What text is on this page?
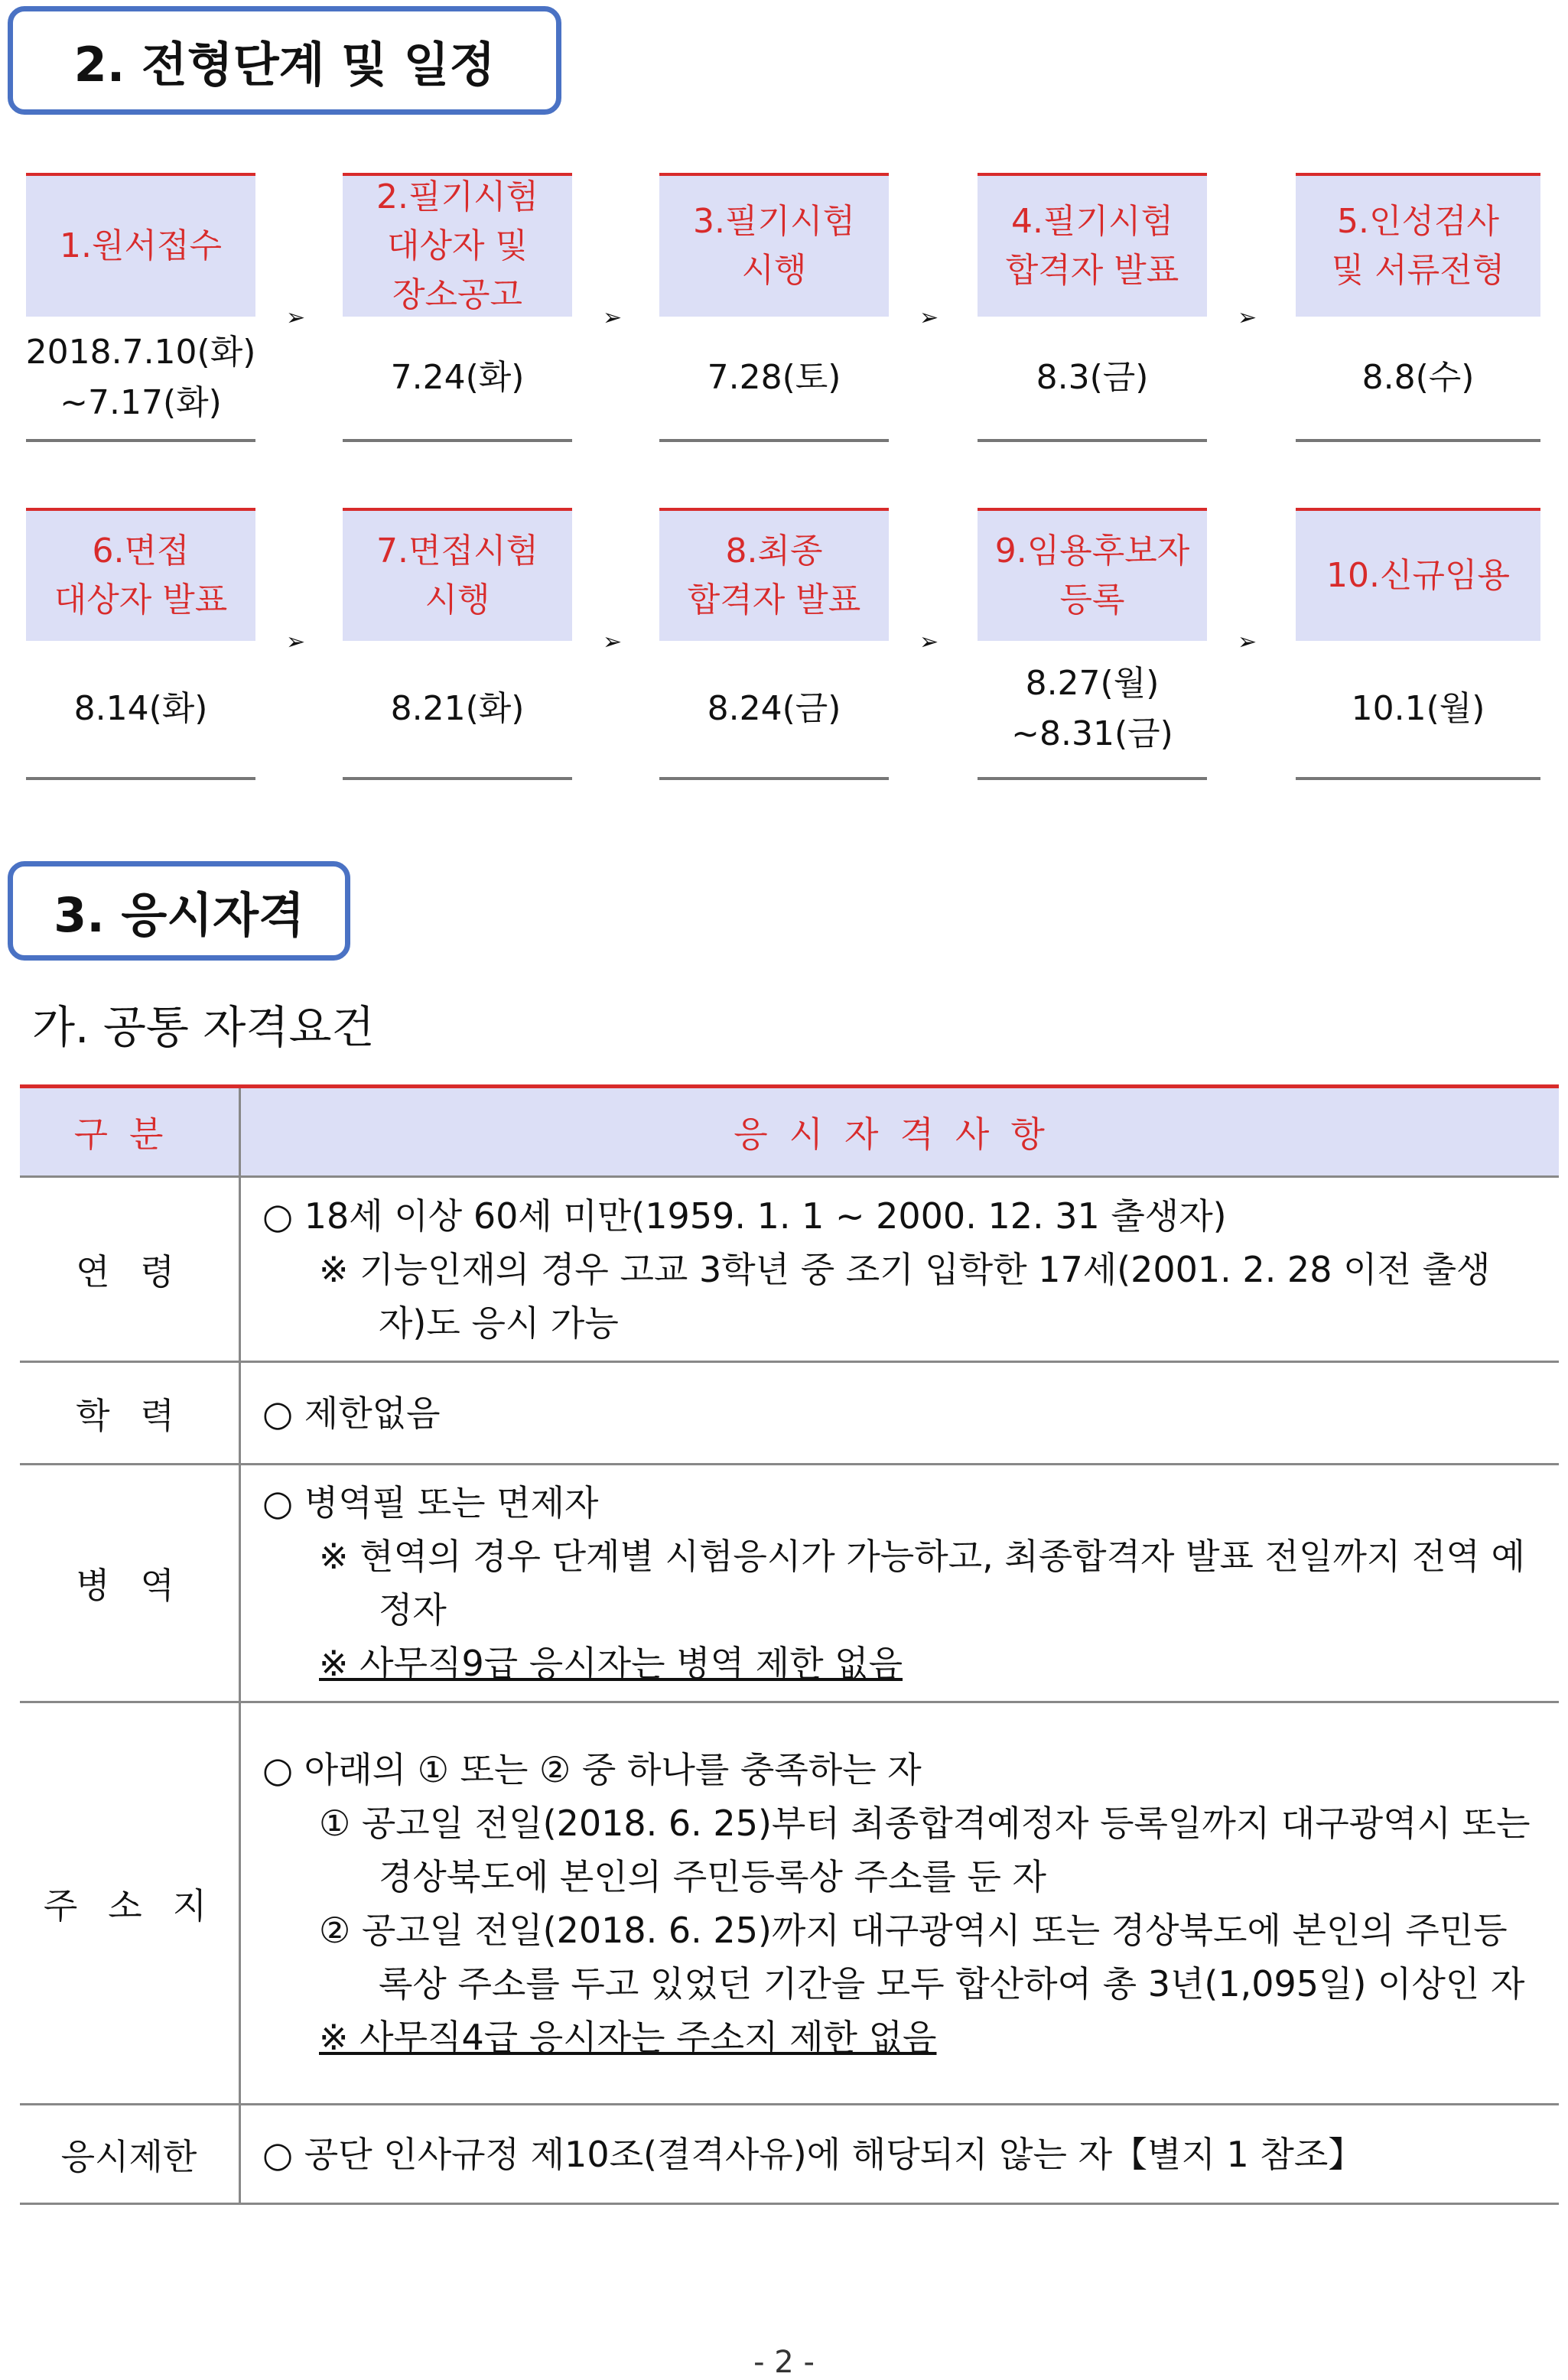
2. 전형단계 및 일정
1.원서접수
2018.7.10(화)
~7.17(화)
➢
2.필기시험
대상자 및
장소공고
7.24(화)
➢
3.필기시험
시행
7.28(토)
➢
4.필기시험
합격자 발표
8.3(금)
➢
5.인성검사
및 서류전형
8.8(수)
6.면접
대상자 발표
8.14(화)
➢
7.면접시험
시행
8.21(화)
➢
8.최종
합격자 발표
8.24(금)
➢
9.임용후보자
등록
8.27(월)
~8.31(금)
➢
10.신규임용
10.1(월)
3. 응시자격
가. 공통 자격요건
구분	응시자격사항
연령	○ 18세 이상 60세 미만(1959. 1. 1 ~ 2000. 12. 31 출생자)
※ 기능인재의 경우 고교 3학년 중 조기 입학한 17세(2001. 2. 28 이전 출생자)도 응시 가능

학력	○ 제한없음

병역	○ 병역필 또는 면제자
※ 현역의 경우 단계별 시험응시가 가능하고, 최종합격자 발표 전일까지 전역 예정자
※ 사무직9급 응시자는 병역 제한 없음

주소지	○ 아래의 ① 또는 ② 중 하나를 충족하는 자
① 공고일 전일(2018. 6. 25)부터 최종합격예정자 등록일까지 대구광역시 또는 경상북도에 본인의 주민등록상 주소를 둔 자
② 공고일 전일(2018. 6. 25)까지 대구광역시 또는 경상북도에 본인의 주민등록상 주소를 두고 있었던 기간을 모두 합산하여 총 3년(1,095일) 이상인 자
※ 사무직4급 응시자는 주소지 제한 없음

응시제한	○ 공단 인사규정 제10조(결격사유)에 해당되지 않는 자【별지 1 참조】
- 2 -
